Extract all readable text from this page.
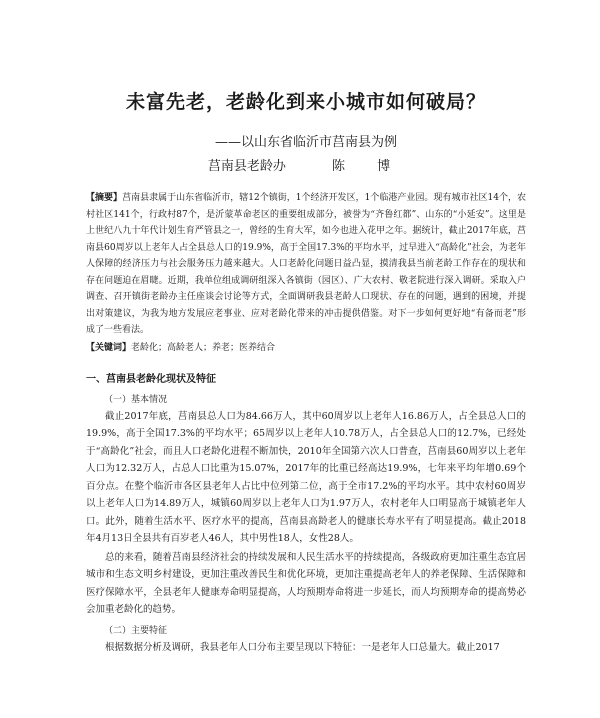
未富先老，老龄化到来小城市如何破局？
——以山东省临沂市莒南县为例
莒南县老龄办	陈 博
【摘要】莒南县隶属于山东省临沂市，辖12个镇街，1个经济开发区，1个临港产业园。现有城市社区14个，农村社区141个，行政村87个，是沂蒙革命老区的重要组成部分，被誉为“齐鲁红都”、山东的“小延安”。这里是上世纪八九十年代计划生育严管县之一，曾经的生育大军，如今也进入花甲之年。据统计，截止2017年底，莒南县60周岁以上老年人占全县总人口的19.9%，高于全国17.3%的平均水平，过早进入“高龄化”社会，为老年人保障的经济压力与社会服务压力越来越大。人口老龄化问题日益凸显，摸清我县当前老龄工作存在的现状和存在问题迫在眉睫。近期，我单位组成调研组深入各镇街（园区）、广大农村、敬老院进行深入调研。采取入户调查、召开镇街老龄办主任座谈会讨论等方式，全面调研我县老龄人口现状、存在的问题，遇到的困境，并提出对策建议，为我为地方发展应老事业、应对老龄化带来的冲击提供借鉴。对下一步如何更好地“有备而老”形成了一些看法。
【关键词】老龄化；高龄老人；养老；医养结合
一、莒南县老龄化现状及特征
（一）基本情况

截止2017年底，莒南县总人口为84.66万人，其中60周岁以上老年人16.86万人，占全县总人口的19.9%，高于全国17.3%的平均水平；65周岁以上老年人10.78万人，占全县总人口的12.7%，已经处于“高龄化”社会，而且人口老龄化进程不断加快，2010年全国第六次人口普查，莒南县60周岁以上老年人口为12.32万人，占总人口比重为15.07%，2017年的比重已经高达19.9%，七年来平均年增0.69个百分点。在整个临沂市各区县老年人占比中位列第二位，高于全市17.2%的平均水平。其中农村60周岁以上老年人口为14.89万人，城镇60周岁以上老年人口为1.97万人，农村老年人口明显高于城镇老年人口。此外，随着生活水平、医疗水平的提高，莒南县高龄老人的健康长寿水平有了明显提高。截止2018年4月13日全县共有百岁老人46人，其中男性18人，女性28人。

总的来看，随着莒南县经济社会的持续发展和人民生活水平的持续提高，各级政府更加注重生态宜居城市和生态文明乡村建设，更加注重改善民生和优化环境，更加注重提高老年人的养老保障、生活保障和医疗保障水平，全县老年人健康寿命明显提高，人均预期寿命将进一步延长，而人均预期寿命的提高势必会加重老龄化的趋势。

（二）主要特征

根据数据分析及调研，我县老年人口分布主要呈现以下特征：一是老年人口总量大。截止2017
